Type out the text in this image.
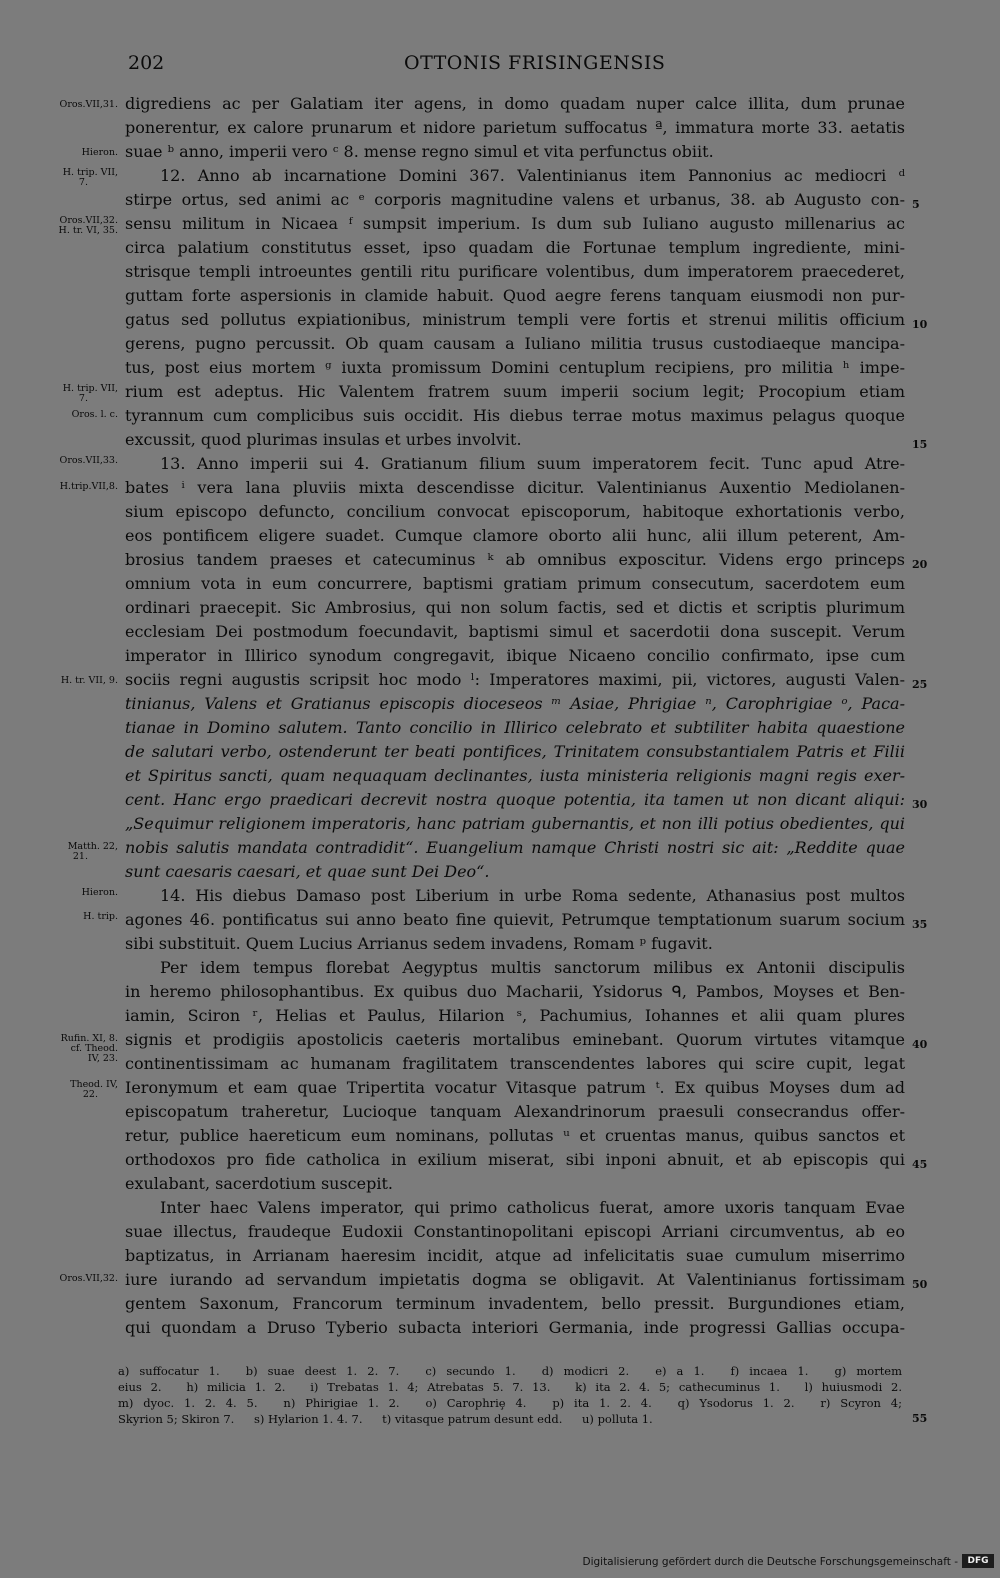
202	OTTONIS FRISINGENSIS
digrediens ac per Galatiam iter agens, in domo quadam nuper calce illita, dum prunae
ponerentur, ex calore prunarum et nidore parietum suffocatus ª, immatura morte 33. aetatis
suae ᵇ anno, imperii vero ᶜ 8. mense regno simul et vita perfunctus obiit.
12. Anno ab incarnatione Domini 367. Valentinianus item Pannonius ac mediocri ᵈ
stirpe ortus, sed animi ac ᵉ corporis magnitudine valens et urbanus, 38. ab Augusto con-
sensu militum in Nicaea ᶠ sumpsit imperium. Is dum sub Iuliano augusto millenarius ac
circa palatium constitutus esset, ipso quadam die Fortunae templum ingrediente, mini-
strisque templi introeuntes gentili ritu purificare volentibus, dum imperatorem praecederet,
guttam forte aspersionis in clamide habuit. Quod aegre ferens tanquam eiusmodi non pur-
gatus sed pollutus expiationibus, ministrum templi vere fortis et strenui militis officium
gerens, pugno percussit. Ob quam causam a Iuliano militia trusus custodiaeque mancipa-
tus, post eius mortem ᵍ iuxta promissum Domini centuplum recipiens, pro militia ʰ impe-
rium est adeptus. Hic Valentem fratrem suum imperii socium legit; Procopium etiam
tyrannum cum complicibus suis occidit. His diebus terrae motus maximus pelagus quoque
excussit, quod plurimas insulas et urbes involvit.
13. Anno imperii sui 4. Gratianum filium suum imperatorem fecit. Tunc apud Atre-
bates ⁱ vera lana pluviis mixta descendisse dicitur. Valentinianus Auxentio Mediolanen-
sium episcopo defuncto, concilium convocat episcoporum, habitoque exhortationis verbo,
eos pontificem eligere suadet. Cumque clamore oborto alii hunc, alii illum peterent, Am-
brosius tandem praeses et catecuminus ᵏ ab omnibus exposcitur. Videns ergo princeps
omnium vota in eum concurrere, baptismi gratiam primum consecutum, sacerdotem eum
ordinari praecepit. Sic Ambrosius, qui non solum factis, sed et dictis et scriptis plurimum
ecclesiam Dei postmodum foecundavit, baptismi simul et sacerdotii dona suscepit. Verum
imperator in Illirico synodum congregavit, ibique Nicaeno concilio confirmato, ipse cum
sociis regni augustis scripsit hoc modo ˡ: Imperatores maximi, pii, victores, augusti Valen-
tinianus, Valens et Gratianus episcopis dioceseos ᵐ Asiae, Phrigiae ⁿ, Carophrigiae ᵒ, Paca-
tianae in Domino salutem. Tanto concilio in Illirico celebrato et subtiliter habita quaestione
de salutari verbo, ostenderunt ter beati pontifices, Trinitatem consubstantialem Patris et Filii
et Spiritus sancti, quam nequaquam declinantes, iusta ministeria religionis magni regis exer-
cent. Hanc ergo praedicari decrevit nostra quoque potentia, ita tamen ut non dicant aliqui:
„Sequimur religionem imperatoris, hanc patriam gubernantis, et non illi potius obedientes, qui
nobis salutis mandata contradidit“. Euangelium namque Christi nostri sic ait: „Reddite quae
sunt caesaris caesari, et quae sunt Dei Deo“.
14. His diebus Damaso post Liberium in urbe Roma sedente, Athanasius post multos
agones 46. pontificatus sui anno beato fine quievit, Petrumque temptationum suarum socium
sibi substituit. Quem Lucius Arrianus sedem invadens, Romam ᵖ fugavit.
Per idem tempus florebat Aegyptus multis sanctorum milibus ex Antonii discipulis
in heremo philosophantibus. Ex quibus duo Macharii, Ysidorus ᑫ, Pambos, Moyses et Ben-
iamin, Sciron ʳ, Helias et Paulus, Hilarion ˢ, Pachumius, Iohannes et alii quam plures
signis et prodigiis apostolicis caeteris mortalibus eminebant. Quorum virtutes vitamque
continentissimam ac humanam fragilitatem transcendentes labores qui scire cupit, legat
Ieronymum et eam quae Tripertita vocatur Vitasque patrum ᵗ. Ex quibus Moyses dum ad
episcopatum traheretur, Lucioque tanquam Alexandrinorum praesuli consecrandus offer-
retur, publice haereticum eum nominans, pollutas ᵘ et cruentas manus, quibus sanctos et
orthodoxos pro fide catholica in exilium miserat, sibi inponi abnuit, et ab episcopis qui
exulabant, sacerdotium suscepit.
Inter haec Valens imperator, qui primo catholicus fuerat, amore uxoris tanquam Evae
suae illectus, fraudeque Eudoxii Constantinopolitani episcopi Arriani circumventus, ab eo
baptizatus, in Arrianam haeresim incidit, atque ad infelicitatis suae cumulum miserrimo
iure iurando ad servandum impietatis dogma se obligavit. At Valentinianus fortissimam
gentem Saxonum, Francorum terminum invadentem, bello pressit. Burgundiones etiam,
qui quondam a Druso Tyberio subacta interiori Germania, inde progressi Gallias occupa-
Oros.VII,31.
Hieron.
H. trip. VII,
7.
Oros.VII,32.
H. tr. VI, 35.
H. trip. VII,
7.
Oros. l. c.
Oros.VII,33.
H.trip.VII,8.
H. tr. VII, 9.
Matth. 22,
21.
Hieron.
H. trip.
Rufin. XI, 8.
cf. Theod.
IV, 23.
Theod. IV,
22.
Oros.VII,32.
5
10
15
20
25
30
35
40
45
50
55
a) suffocatur 1. b) suae deest 1. 2. 7. c) secundo 1. d) modicri 2. e) a 1. f) incaea 1. g) mortem
eius 2. h) milicia 1. 2. i) Trebatas 1. 4; Atrebatas 5. 7. 13. k) ita 2. 4. 5; cathecuminus 1. l) huiusmodi 2.
m) dyoc. 1. 2. 4. 5. n) Phirigiae 1. 2. o) Carophriȩ 4. p) ita 1. 2. 4. q) Ysodorus 1. 2. r) Scyron 4;
Skyrion 5; Skiron 7. s) Hylarion 1. 4. 7. t) vitasque patrum desunt edd. u) polluta 1.
Digitalisierung gefördert durch die Deutsche Forschungsgemeinschaft -	DFG
